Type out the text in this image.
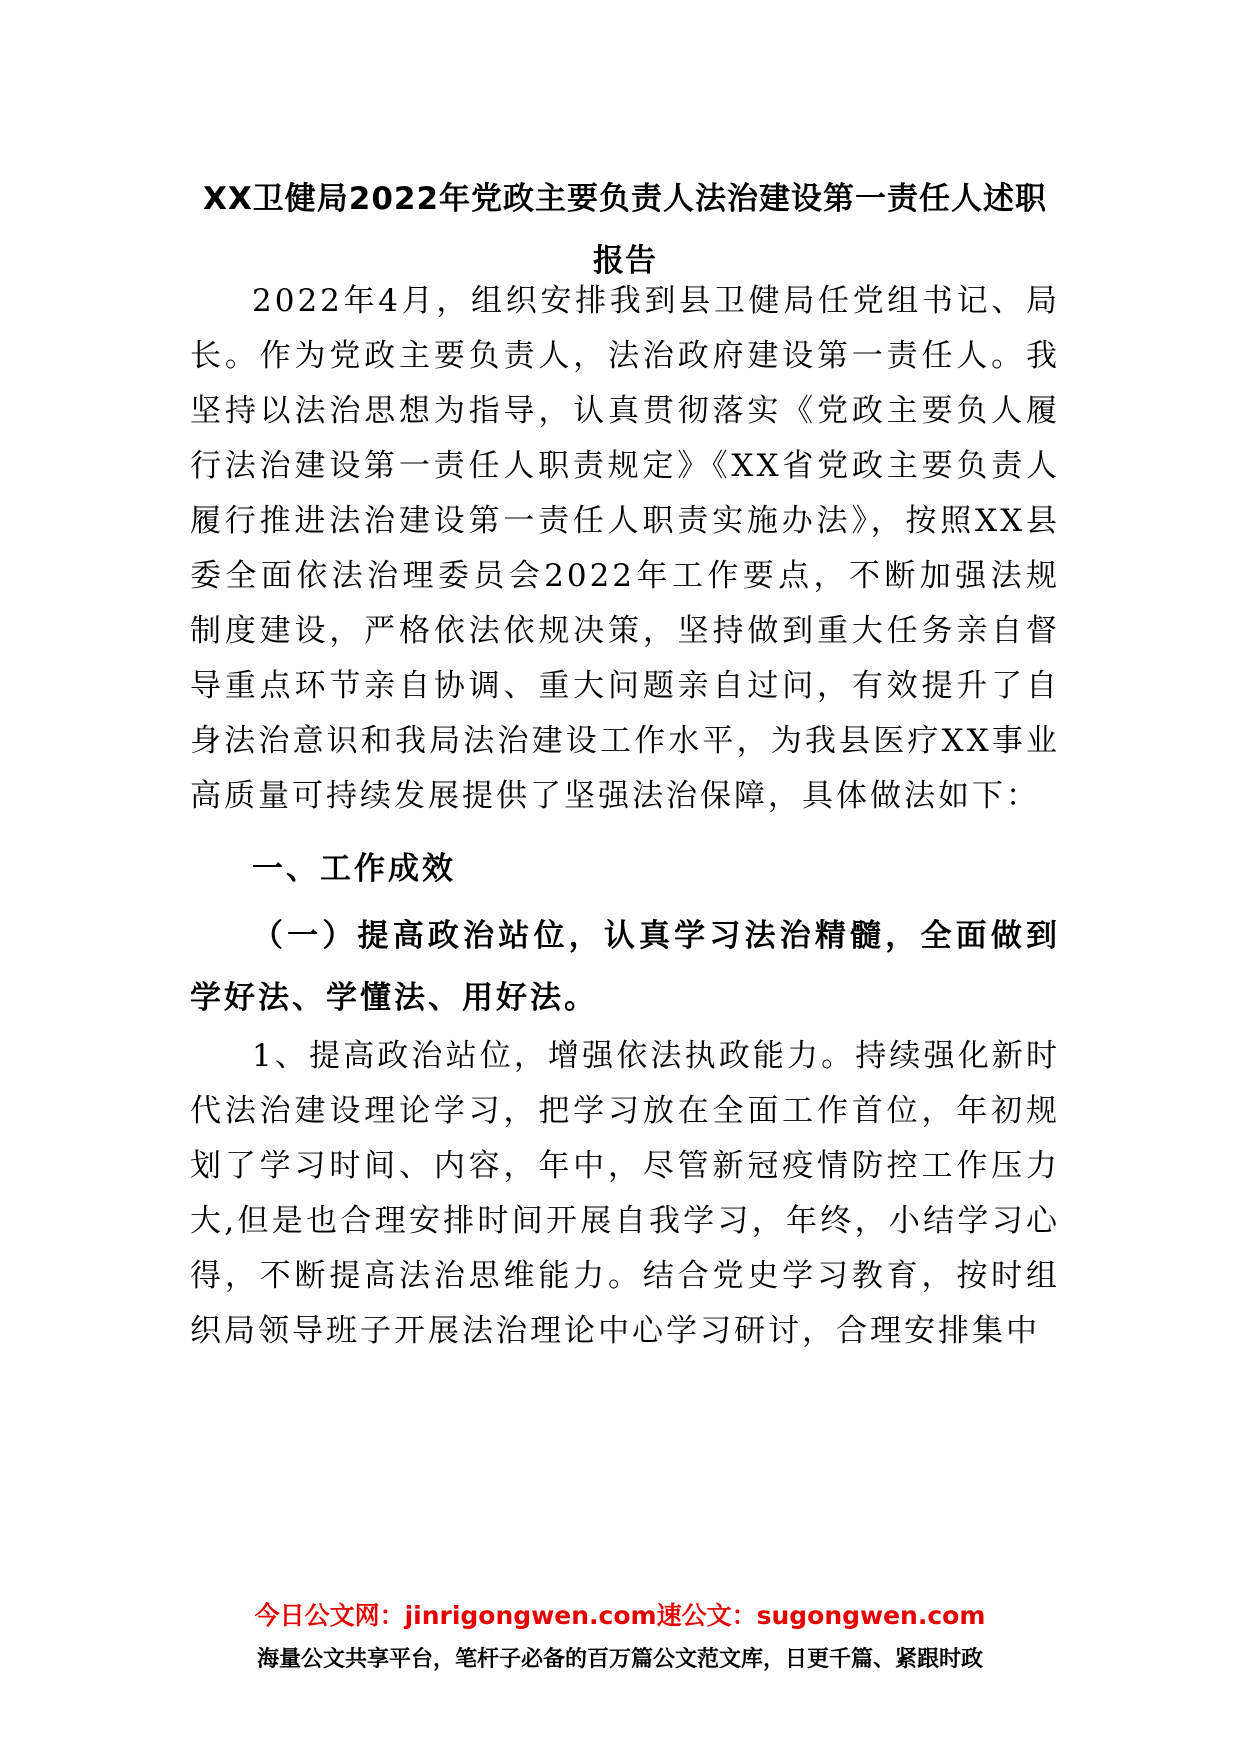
XX卫健局2022年党政主要负责人法治建设第一责任人述职报告

2022年4月，组织安排我到县卫健局任党组书记、局长。作为党政主要负责人，法治政府建设第一责任人。我坚持以法治思想为指导，认真贯彻落实《党政主要负人履行法治建设第一责任人职责规定》《XX省党政主要负责人履行推进法治建设第一责任人职责实施办法》，按照XX县委全面依法治理委员会2022年工作要点，不断加强法规制度建设，严格依法依规决策，坚持做到重大任务亲自督导重点环节亲自协调、重大问题亲自过问，有效提升了自身法治意识和我局法治建设工作水平，为我县医疗XX事业高质量可持续发展提供了坚强法治保障，具体做法如下：

一、工作成效

（一）提高政治站位，认真学习法治精髓，全面做到学好法、学懂法、用好法。

1、提高政治站位，增强依法执政能力。持续强化新时代法治建设理论学习，把学习放在全面工作首位，年初规划了学习时间、内容，年中，尽管新冠疫情防控工作压力大,但是也合理安排时间开展自我学习，年终，小结学习心得，不断提高法治思维能力。结合党史学习教育，按时组织局领导班子开展法治理论中心学习研讨，合理安排集中

今日公文网：jinrigongwen.com速公文：sugongwen.com
海量公文共享平台，笔杆子必备的百万篇公文范文库，日更千篇、紧跟时政
